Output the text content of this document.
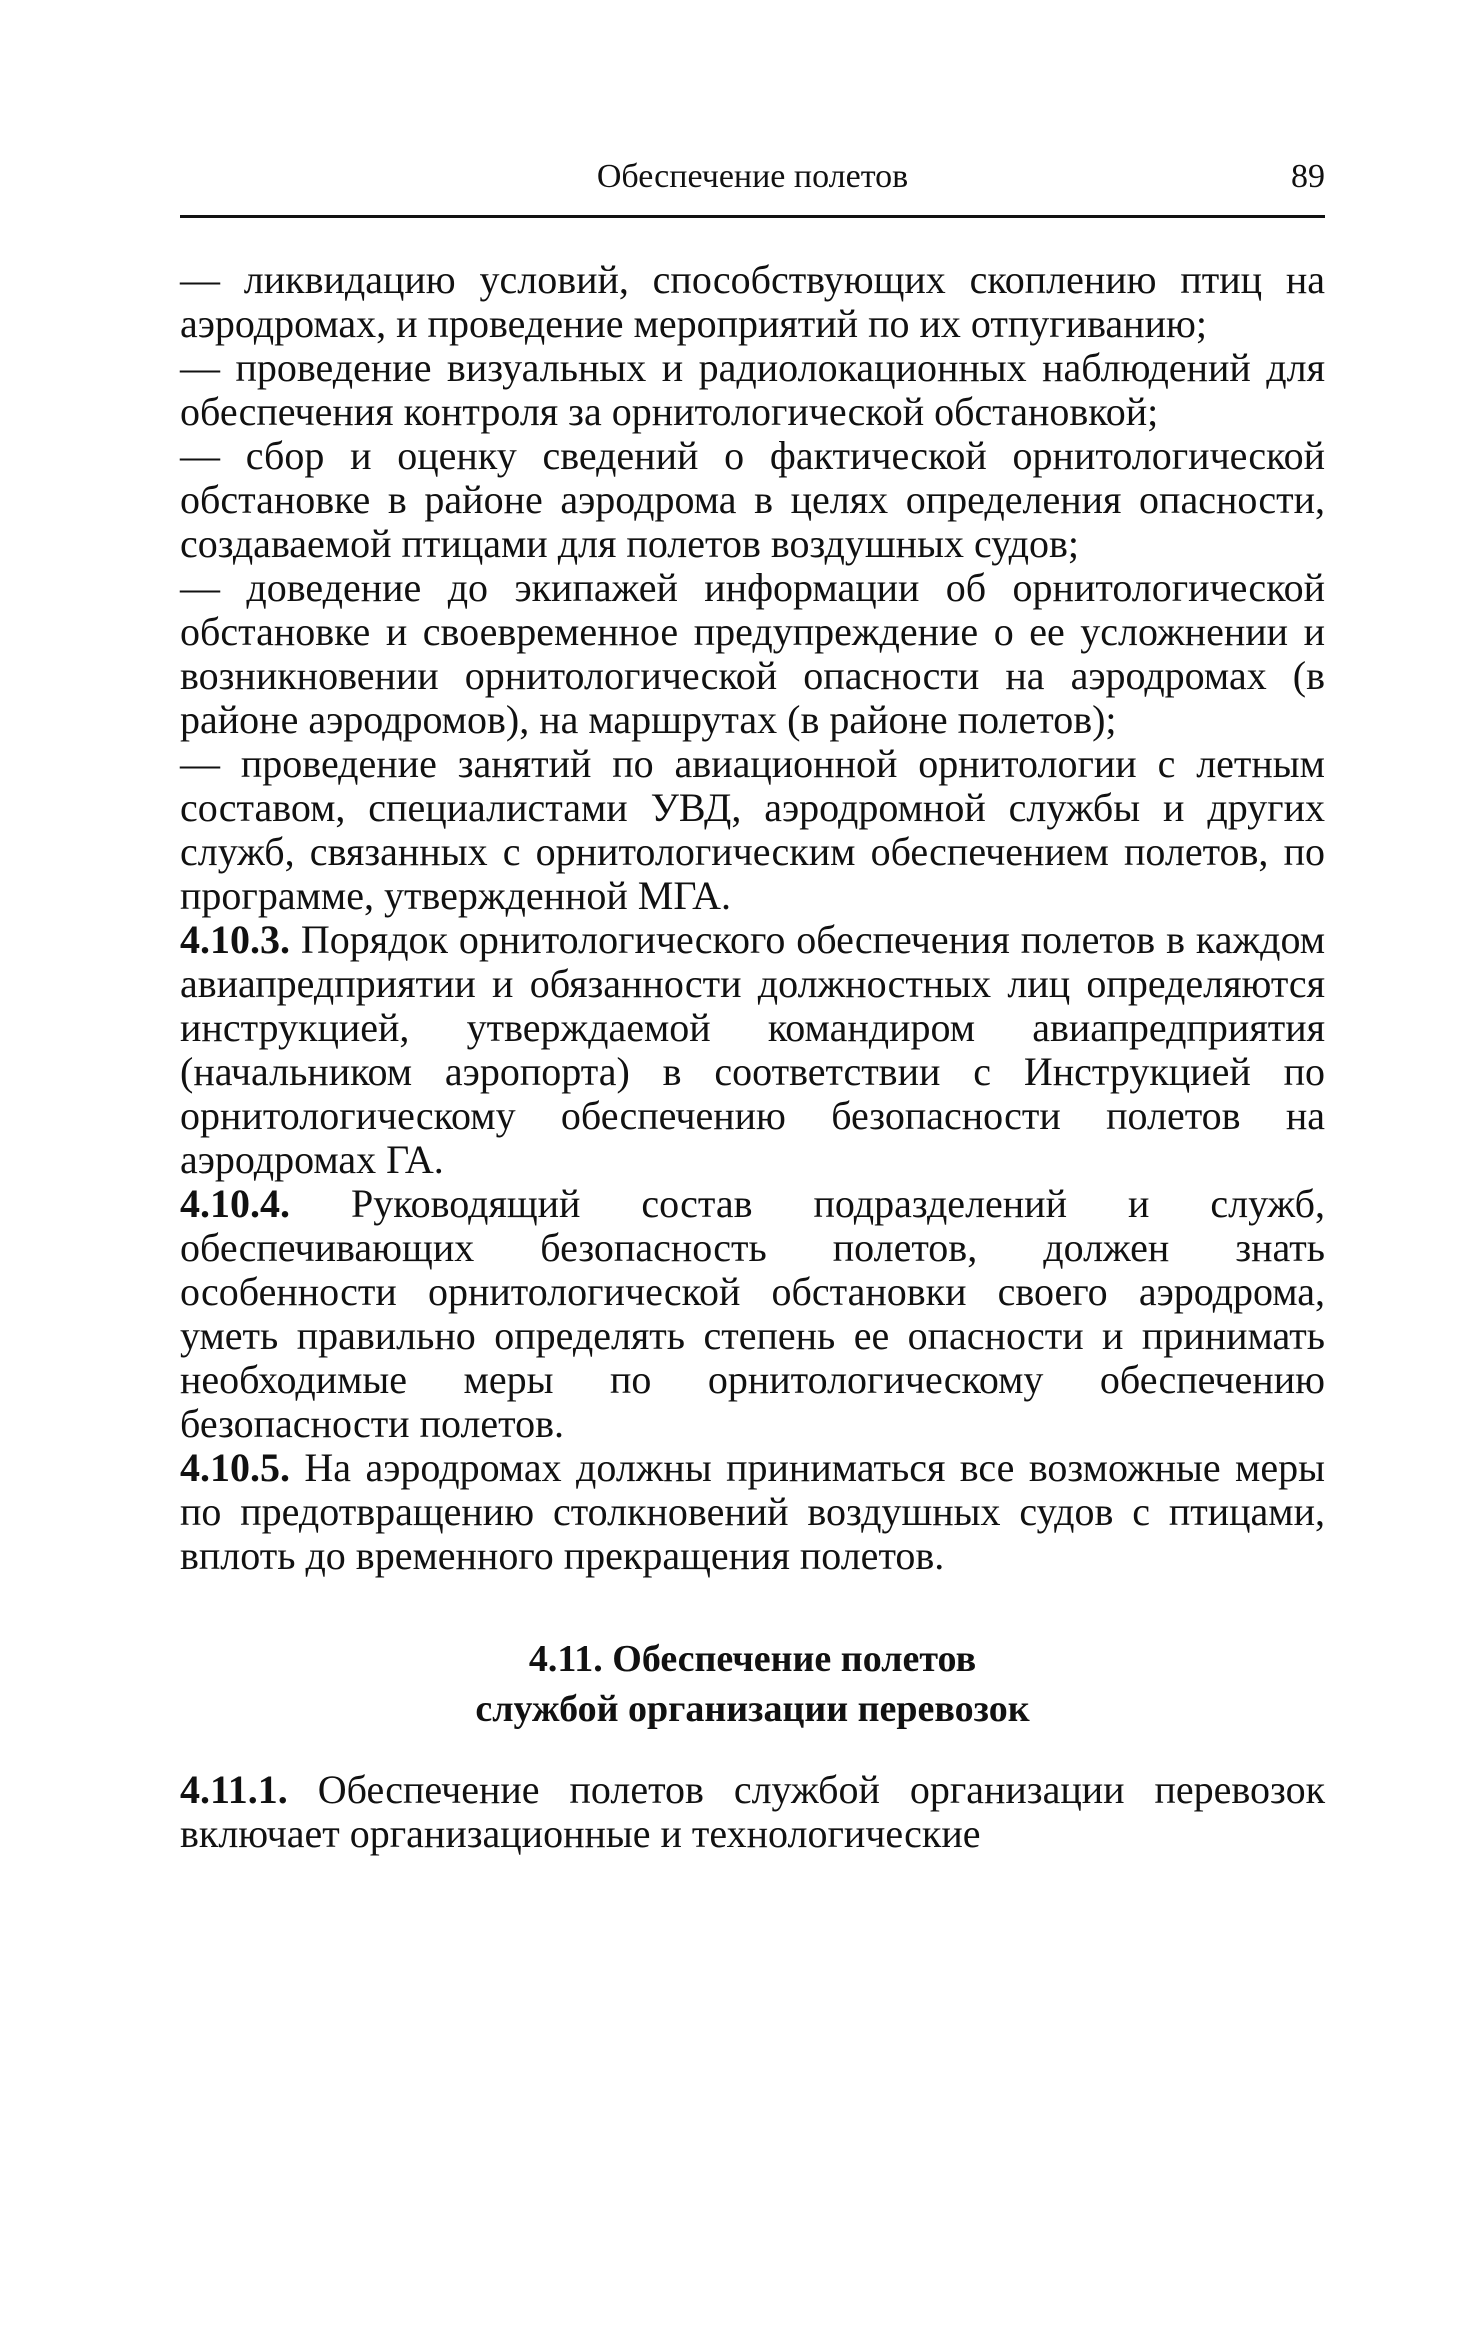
Обеспечение полетов	89

— ликвидацию условий, способствующих скоплению птиц на аэродромах, и проведение мероприятий по их отпугиванию;

— проведение визуальных и радиолокационных наблюдений для обеспечения контроля за орнитологической обстановкой;

— сбор и оценку сведений о фактической орнитологической обстановке в районе аэродрома в целях определения опасности, создаваемой птицами для полетов воздушных судов;

— доведение до экипажей информации об орнитологической обстановке и своевременное предупреждение о ее усложнении и возникновении орнитологической опасности на аэродромах (в районе аэродромов), на маршрутах (в районе полетов);

— проведение занятий по авиационной орнитологии с летным составом, специалистами УВД, аэродромной службы и других служб, связанных с орнитологическим обеспечением полетов, по программе, утвержденной МГА.

4.10.3. Порядок орнитологического обеспечения полетов в каждом авиапредприятии и обязанности должностных лиц определяются инструкцией, утверждаемой командиром авиапредприятия (начальником аэропорта) в соответствии с Инструкцией по орнитологическому обеспечению безопасности полетов на аэродромах ГА.

4.10.4. Руководящий состав подразделений и служб, обеспечивающих безопасность полетов, должен знать особенности орнитологической обстановки своего аэродрома, уметь правильно определять степень ее опасности и принимать необходимые меры по орнитологическому обеспечению безопасности полетов.

4.10.5. На аэродромах должны приниматься все возможные меры по предотвращению столкновений воздушных судов с птицами, вплоть до временного прекращения полетов.

4.11. Обеспечение полетов
службой организации перевозок

4.11.1. Обеспечение полетов службой организации перевозок включает организационные и технологические
